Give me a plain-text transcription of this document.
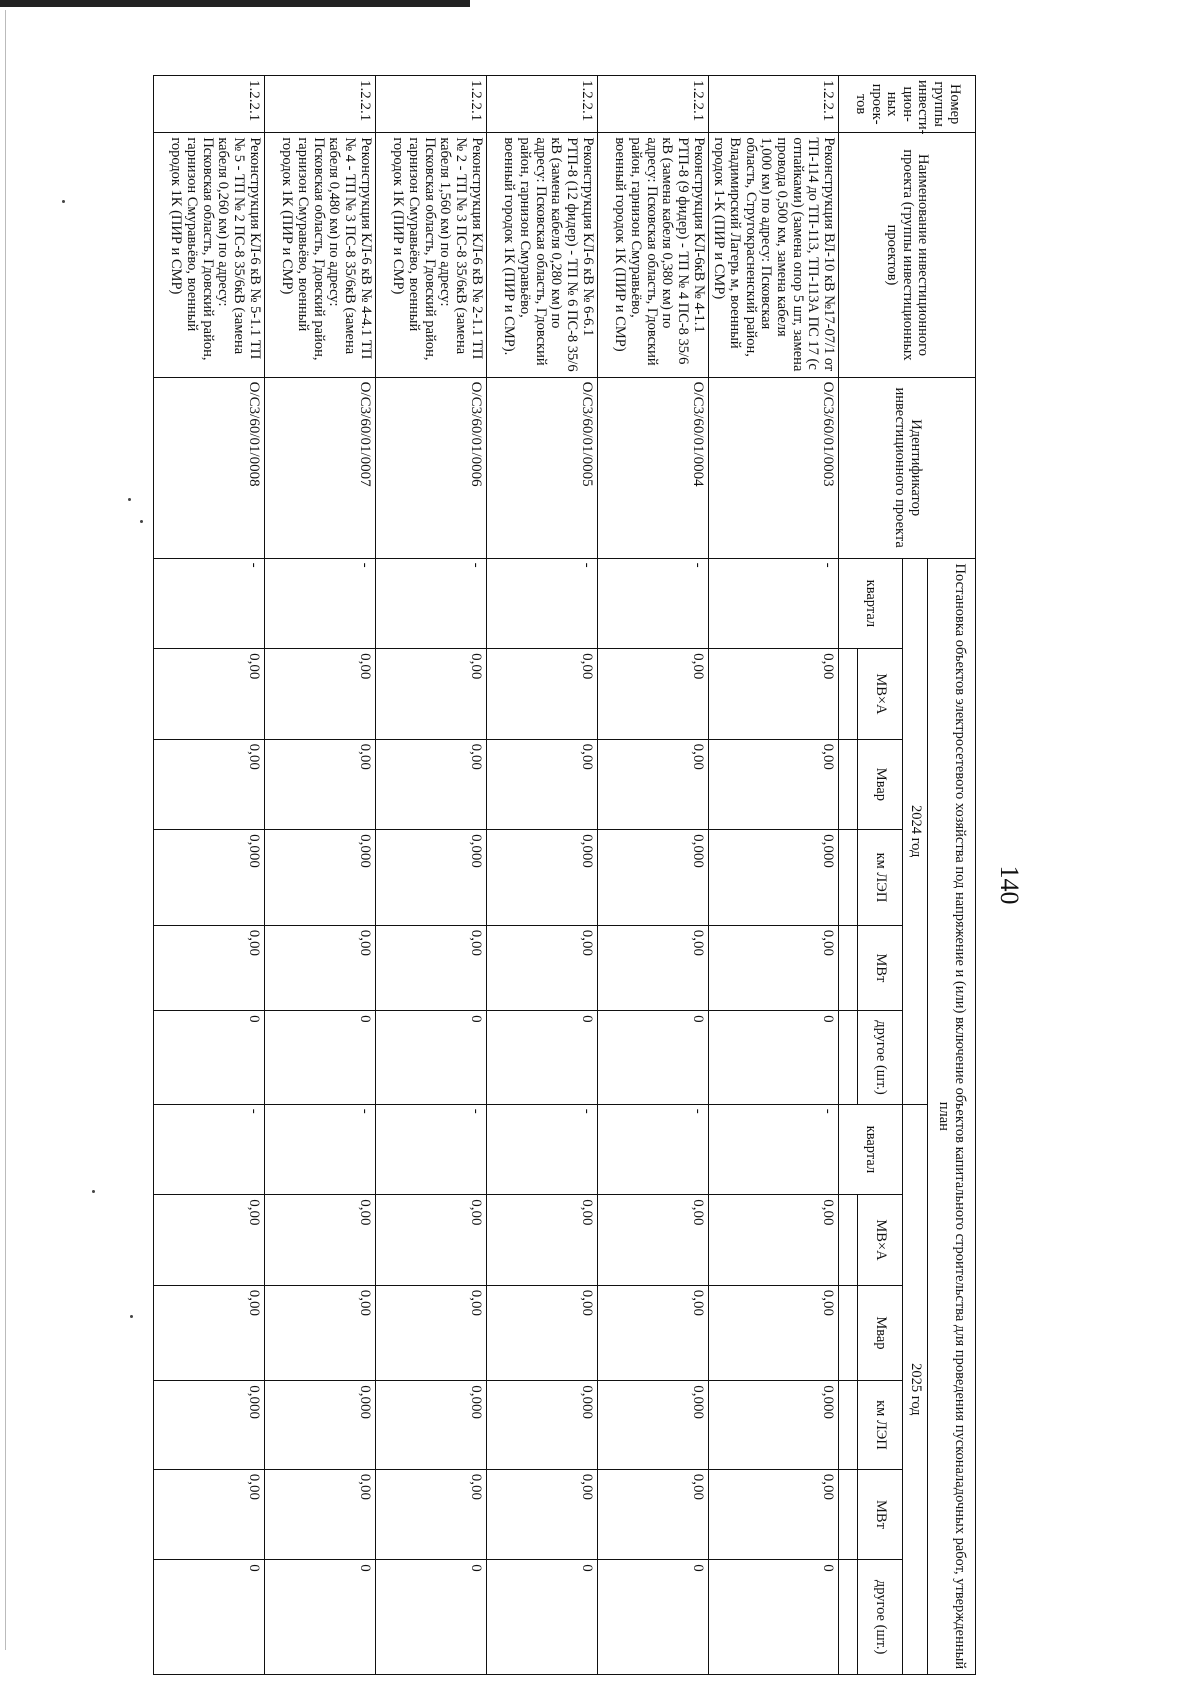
140
Номер группы инвести-цион-ных проек-тов	Наименование инвестиционного проекта (группы инвестиционных проектов)	Идентификатор инвестиционного проекта	Постановка объектов электросетевого хозяйства под напряжение и (или) включение объектов капитального строительства для проведения пусконаладочных работ, утвержденный план											
			2024 год						2025 год					
			квартал	МВ×А	Мвар	км ЛЭП	МВт	другое (шт.)	квартал	МВ×А	Мвар	км ЛЭП	МВт	другое (шт.)

1.2.2.1	Реконструкция ВЛ-10 кВ №17-07/1 от ТП-114 до ТП-113, ТП-113А ПС 17 (с отпайками) (замена опор 5 шт, замена провода 0,500 км, замена кабеля 1,000 км) по адресу: Псковская область, Стругокрасненский район, Владимирский Лагерь м, военный городок 1-К (ПИР и СМР)	O/C3/60/01/0003	-	0,00	0,00	0,000	0,00	0	-	0,00	0,00	0,000	0,00	0
1.2.2.1	Реконструкция КЛ-6кВ № 4-1.1 РТП-8 (9 фидер) - ТП № 4 ПС-8 35/6 кВ (замена кабеля 0,380 км) по адресу: Псковская область, Гдовский район, гарнизон Смуравьёво, военный городок 1К (ПИР и СМР)	O/C3/60/01/0004	-	0,00	0,00	0,000	0,00	0	-	0,00	0,00	0,000	0,00	0
1.2.2.1	Реконструкция КЛ-6 кВ № 6-6.1 РТП-8 (12 фидер) - ТП № 6 ПС-8 35/6 кВ (замена кабеля 0,280 км) по адресу: Псковская область, Гдовский район, гарнизон Смуравьёво, военный городок 1К (ПИР и СМР).	O/C3/60/01/0005	-	0,00	0,00	0,000	0,00	0	-	0,00	0,00	0,000	0,00	0
1.2.2.1	Реконструкция КЛ-6 кВ № 2-1.1 ТП № 2 - ТП № 3 ПС-8 35/6кВ (замена кабеля 1,560 км) по адресу: Псковская область, Гдовский район, гарнизон Смуравьёво, военный городок 1К (ПИР и СМР)	O/C3/60/01/0006	-	0,00	0,00	0,000	0,00	0	-	0,00	0,00	0,000	0,00	0
1.2.2.1	Реконструкция КЛ-6 кВ № 4-4.1 ТП № 4 - ТП № 3 ПС-8 35/6кВ (замена кабеля 0,480 км) по адресу: Псковская область, Гдовский район, гарнизон Смуравьёво, военный городок 1К (ПИР и СМР)	O/C3/60/01/0007	-	0,00	0,00	0,000	0,00	0	-	0,00	0,00	0,000	0,00	0
1.2.2.1	Реконструкция КЛ-6 кВ № 5-1.1 ТП № 5 - ТП № 2 ПС-8 35/6кВ (замена кабеля 0,260 км) по адресу: Псковская область, Гдовский район, гарнизон Смуравьёво, военный городок 1К (ПИР и СМР)	O/C3/60/01/0008	-	0,00	0,00	0,000	0,00	0	-	0,00	0,00	0,000	0,00	0
